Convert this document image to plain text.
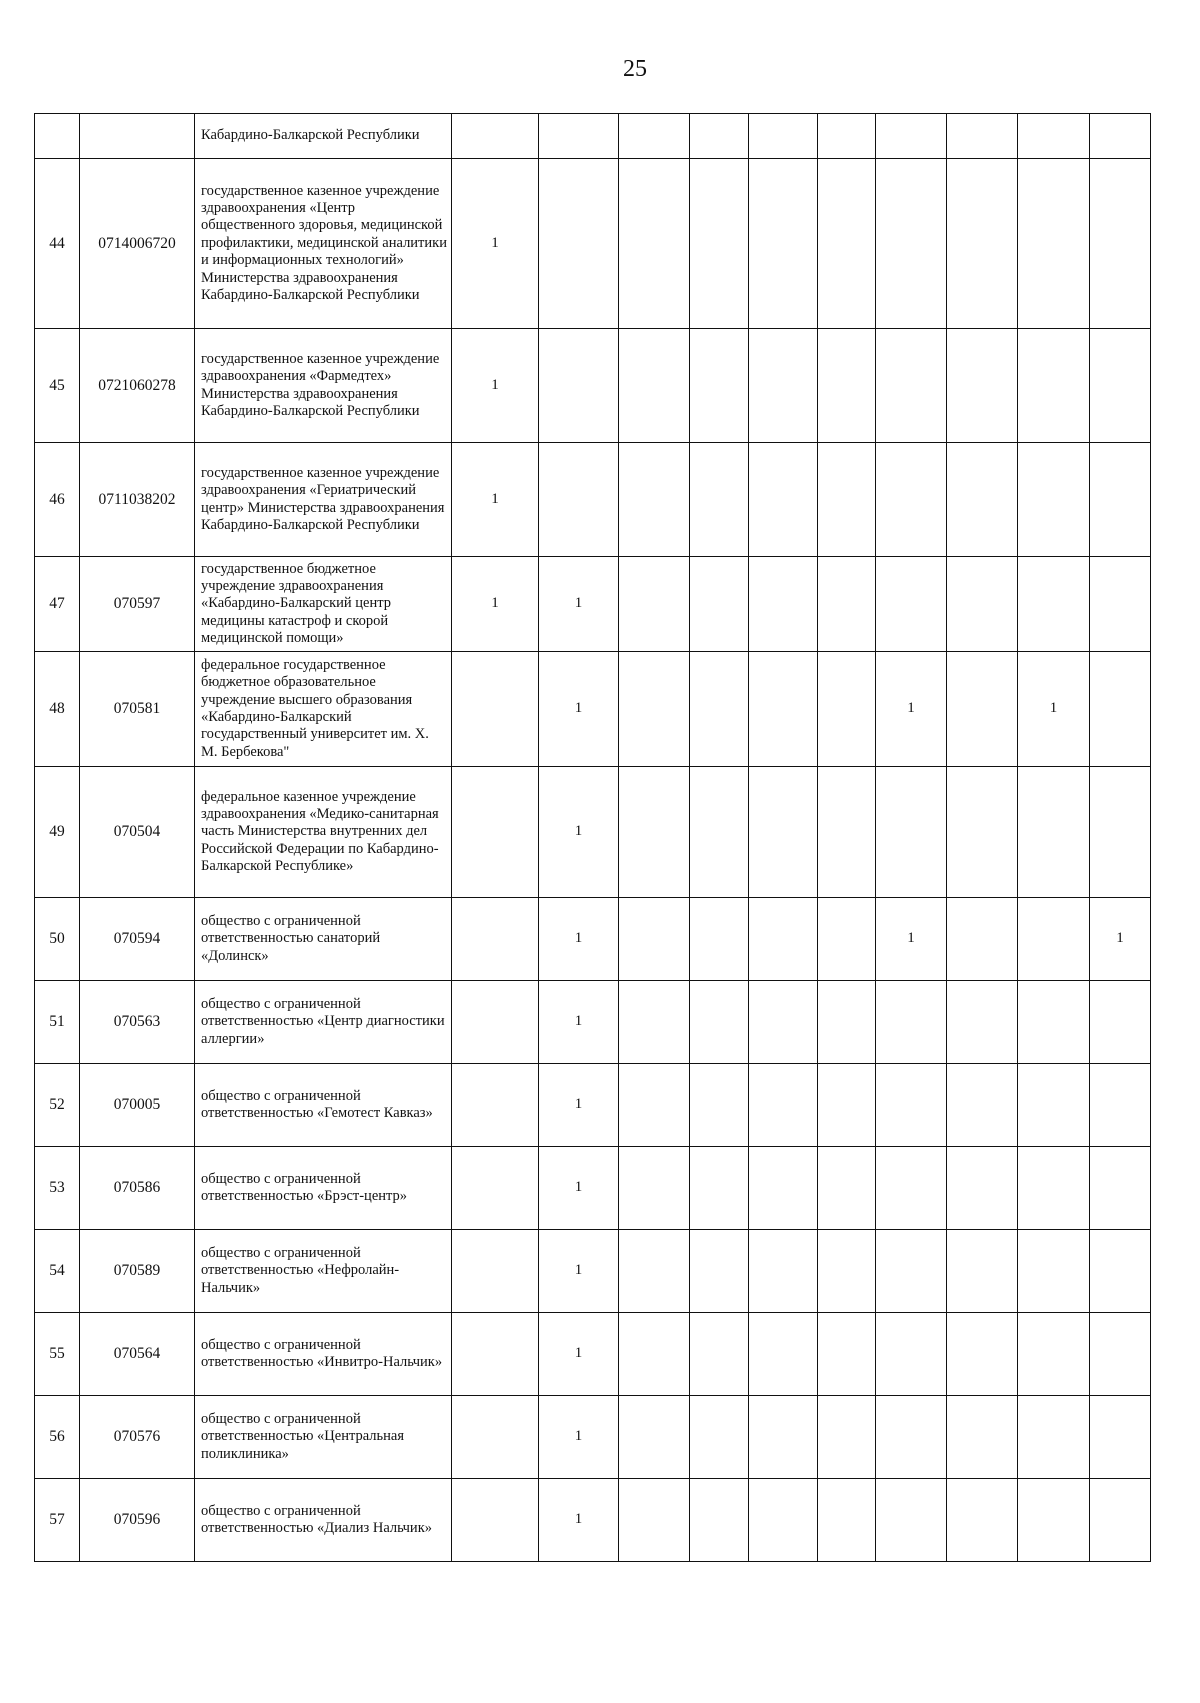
25
		Кабардино-Балкарской Республики										
44	0714006720	государственное казенное учреждение здравоохранения «Центр общественного здоровья, медицинской профилактики, медицинской аналитики и информационных технологий» Министерства здравоохранения Кабардино-Балкарской Республики	1									
45	0721060278	государственное казенное учреждение здравоохранения «Фармедтех» Министерства здравоохранения Кабардино-Балкарской Республики	1									
46	0711038202	государственное казенное учреждение здравоохранения «Гериатрический центр» Министерства здравоохранения Кабардино-Балкарской Республики	1									
47	070597	государственное бюджетное учреждение здравоохранения «Кабардино-Балкарский центр медицины катастроф и скорой медицинской помощи»	1	1								
48	070581	федеральное государственное бюджетное образовательное учреждение высшего образования «Кабардино-Балкарский государственный университет им. Х. М. Бербекова"		1					1		1	
49	070504	федеральное казенное учреждение здравоохранения «Медико-санитарная часть Министерства внутренних дел Российской Федерации по Кабардино-Балкарской Республике»		1								
50	070594	общество с ограниченной ответственностью санаторий «Долинск»		1					1			1
51	070563	общество с ограниченной ответственностью «Центр диагностики аллергии»		1								
52	070005	общество с ограниченной ответственностью «Гемотест Кавказ»		1								
53	070586	общество с ограниченной ответственностью «Брэст-центр»		1								
54	070589	общество с ограниченной ответственностью «Нефролайн-Нальчик»		1								
55	070564	общество с ограниченной ответственностью «Инвитро-Нальчик»		1								
56	070576	общество с ограниченной ответственностью «Центральная поликлиника»		1								
57	070596	общество с ограниченной ответственностью «Диализ Нальчик»		1								
